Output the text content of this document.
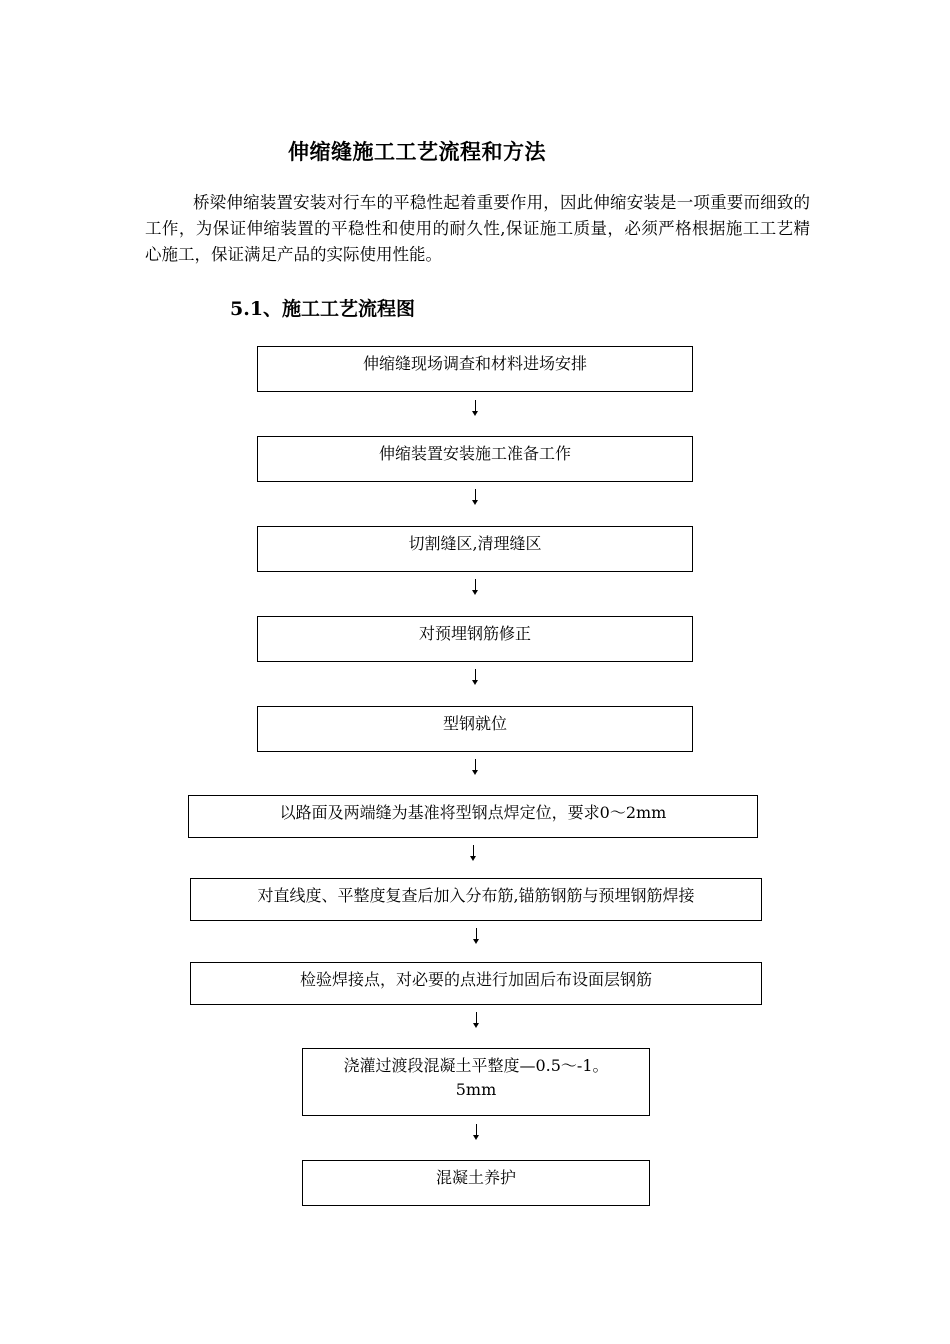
伸缩缝施工工艺流程和方法

桥梁伸缩装置安装对行车的平稳性起着重要作用，因此伸缩安装是一项重要而细致的工作，为保证伸缩装置的平稳性和使用的耐久性,保证施工质量，必须严格根据施工工艺精心施工，保证满足产品的实际使用性能。

5.1、施工工艺流程图
伸缩缝现场调查和材料进场安排
伸缩装置安装施工准备工作
切割缝区,清理缝区
对预埋钢筋修正
型钢就位
以路面及两端缝为基准将型钢点焊定位，要求0～2mm
对直线度、平整度复查后加入分布筋,锚筋钢筋与预埋钢筋焊接
检验焊接点，对必要的点进行加固后布设面层钢筋
浇灌过渡段混凝土平整度—0.5～-1。5mm
混凝土养护
